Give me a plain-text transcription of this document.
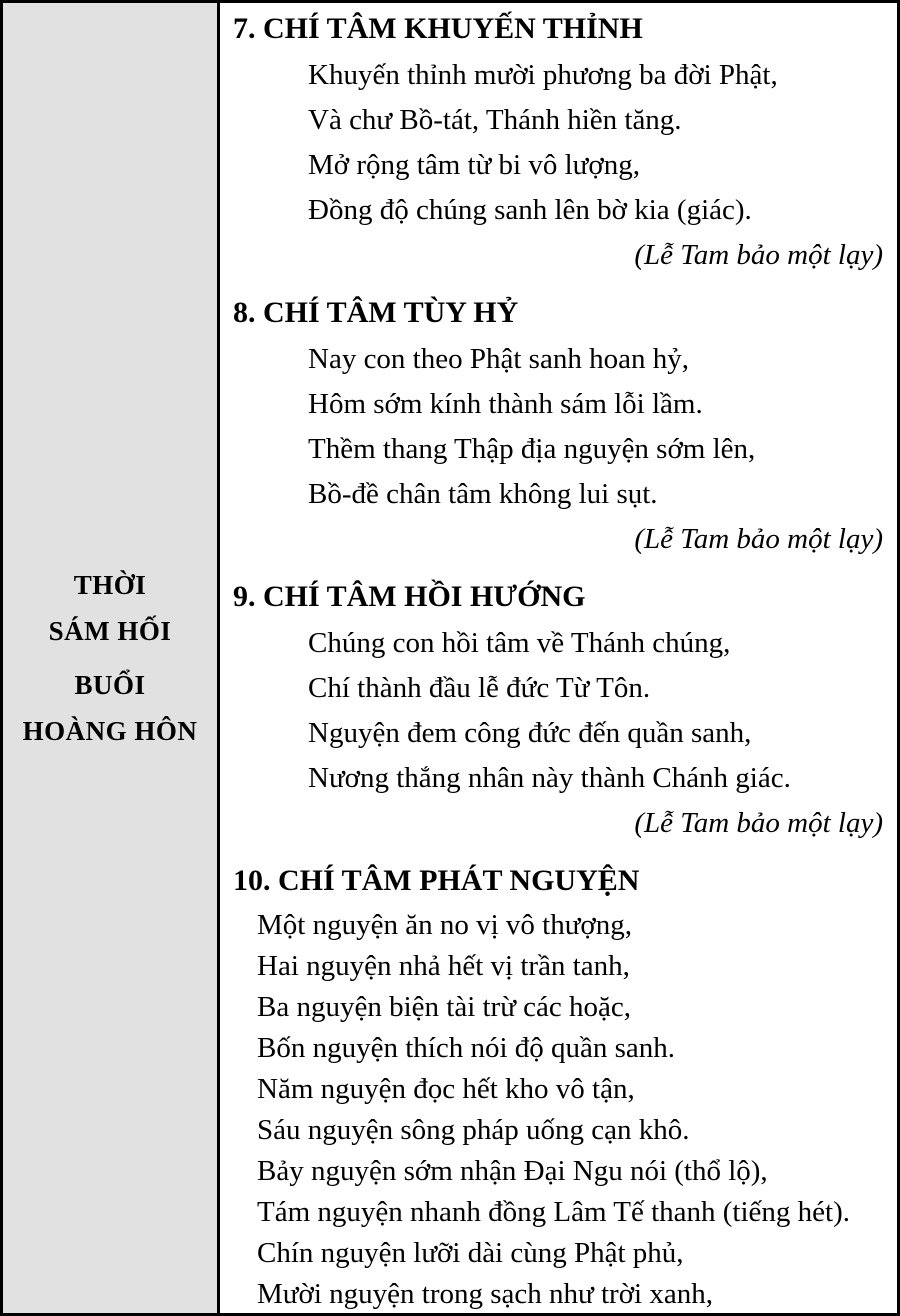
THỜI
SÁM HỐI
BUỔI
HOÀNG HÔN
7. CHÍ TÂM KHUYẾN THỈNH

Khuyến thỉnh mười phương ba đời Phật,

Và chư Bồ-tát, Thánh hiền tăng.

Mở rộng tâm từ bi vô lượng,

Đồng độ chúng sanh lên bờ kia (giác).

(Lễ Tam bảo một lạy)

8. CHÍ TÂM TÙY HỶ

Nay con theo Phật sanh hoan hỷ,

Hôm sớm kính thành sám lỗi lầm.

Thềm thang Thập địa nguyện sớm lên,

Bồ-đề chân tâm không lui sụt.

(Lễ Tam bảo một lạy)

9. CHÍ TÂM HỒI HƯỚNG

Chúng con hồi tâm về Thánh chúng,

Chí thành đầu lễ đức Từ Tôn.

Nguyện đem công đức đến quần sanh,

Nương thắng nhân này thành Chánh giác.

(Lễ Tam bảo một lạy)

10. CHÍ TÂM PHÁT NGUYỆN

Một nguyện ăn no vị vô thượng,

Hai nguyện nhả hết vị trần tanh,

Ba nguyện biện tài trừ các hoặc,

Bốn nguyện thích nói độ quần sanh.

Năm nguyện đọc hết kho vô tận,

Sáu nguyện sông pháp uống cạn khô.

Bảy nguyện sớm nhận Đại Ngu nói (thổ lộ),

Tám nguyện nhanh đồng Lâm Tế thanh (tiếng hét).

Chín nguyện lưỡi dài cùng Phật phủ,

Mười nguyện trong sạch như trời xanh,
